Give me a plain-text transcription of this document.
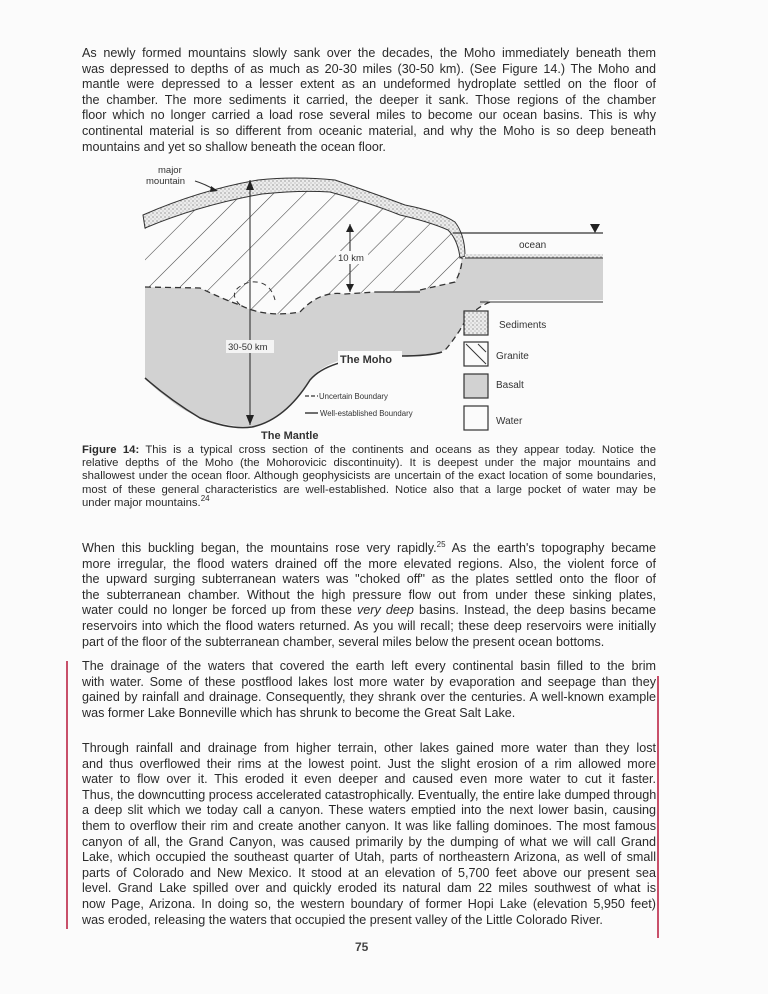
As newly formed mountains slowly sank over the decades, the Moho immediately beneath them
was depressed to depths of as much as 20-30 miles (30-50 km). (See Figure 14.) The Moho and
mantle were depressed to a lesser extent as an undeformed hydroplate settled on the floor of
the chamber. The more sediments it carried, the deeper it sank. Those regions of the chamber
floor which no longer carried a load rose several miles to become our ocean basins. This is why
continental material is so different from oceanic material, and why the Moho is so deep beneath
mountains and yet so shallow beneath the ocean floor.
major
mountain
ocean
10 km
30-50 km
The Moho
The Mantle
Uncertain Boundary
Well-established Boundary
Sediments
Granite
Basalt
Water
Figure 14: This is a typical cross section of the continents and oceans as they appear today. Notice the
relative depths of the Moho (the Mohorovicic discontinuity). It is deepest under the major mountains and
shallowest under the ocean floor. Although geophysicists are uncertain of the exact location of some boundaries,
most of these general characteristics are well-established. Notice also that a large pocket of water may be
under major mountains.$^{24}$
When this buckling began, the mountains rose very rapidly.$^{25}$ As the earth's topography became
more irregular, the flood waters drained off the more elevated regions. Also, the violent force of
the upward surging subterranean waters was "choked off" as the plates settled onto the floor of
the subterranean chamber. Without the high pressure flow out from under these sinking plates,
water could no longer be forced up from these very deep basins. Instead, the deep basins became
reservoirs into which the flood waters returned. As you will recall; these deep reservoirs were initially
part of the floor of the subterranean chamber, several miles below the present ocean bottoms.
The drainage of the waters that covered the earth left every continental basin filled to the brim
with water. Some of these postflood lakes lost more water by evaporation and seepage than they
gained by rainfall and drainage. Consequently, they shrank over the centuries. A well-known example
was former Lake Bonneville which has shrunk to become the Great Salt Lake.
Through rainfall and drainage from higher terrain, other lakes gained more water than they lost
and thus overflowed their rims at the lowest point. Just the slight erosion of a rim allowed more
water to flow over it. This eroded it even deeper and caused even more water to cut it faster.
Thus, the downcutting process accelerated catastrophically. Eventually, the entire lake dumped through
a deep slit which we today call a canyon. These waters emptied into the next lower basin, causing
them to overflow their rim and create another canyon. It was like falling dominoes. The most famous
canyon of all, the Grand Canyon, was caused primarily by the dumping of what we will call Grand
Lake, which occupied the southeast quarter of Utah, parts of northeastern Arizona, as well of small
parts of Colorado and New Mexico. It stood at an elevation of 5,700 feet above our present sea
level. Grand Lake spilled over and quickly eroded its natural dam 22 miles southwest of what is
now Page, Arizona. In doing so, the western boundary of former Hopi Lake (elevation 5,950 feet)
was eroded, releasing the waters that occupied the present valley of the Little Colorado River.
75
